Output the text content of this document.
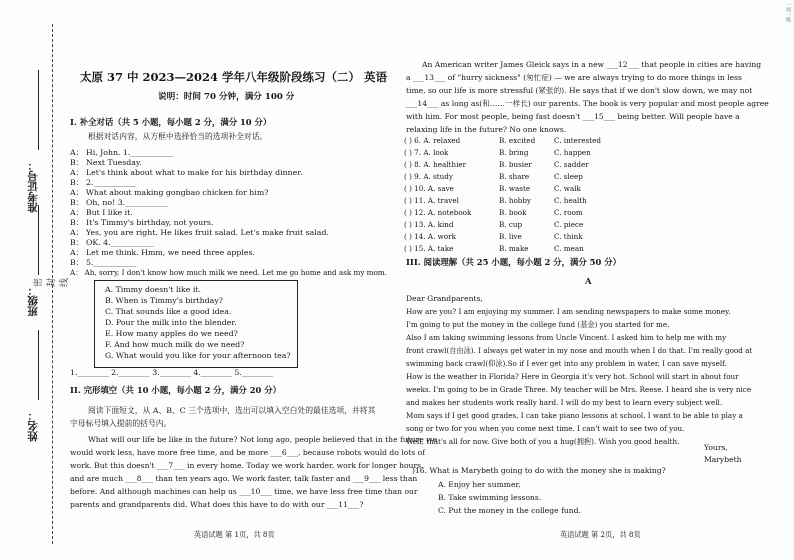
一周一练
准考证号：
班级：
姓名：
密 封 线
太原 37 中 2023—2024 学年八年级阶段练习（二） 英语
说明：时间 70 分钟，满分 100 分
I. 补全对话（共 5 小题，每小题 2 分，满分 10 分）
根据对话内容，从方框中选择恰当的选项补全对话。
A： Hi, John. 1.___________
B： Next Tuesday.
A： Let's think about what to make for his birthday dinner.
B： 2.___________
A： What about making gongbao chicken for him?
B： Oh, no! 3.___________
A： But I like it.
B： It's Timmy's birthday, not yours.
A： Yes, you are right. He likes fruit salad. Let's make fruit salad.
B： OK. 4.___________
A： Let me think. Hmm, we need three apples.
B： 5.___________
A： Ah, sorry, I don't know how much milk we need. Let me go home and ask my mom.
A. Timmy doesn't like it.
B. When is Timmy's birthday?
C. That sounds like a good idea.
D. Pour the milk into the blender.
E. How many apples do we need?
F. And how much milk do we need?
G. What would you like for your afternoon tea?
1.________ 2.________ 3.________ 4.________ 5.________
II. 完形填空（共 10 小题，每小题 2 分，满分 20 分）
阅读下面短文，从 A、B、C 三个选项中，选出可以填入空白处的最佳选项，并将其
字母标号填入提前的括号内。
What will our life be like in the future? Not long ago, people believed that in the future we
would work less, have more free time, and be more ___6___, because robots would do lots of
work. But this doesn't ___7___ in every home. Today we work harder, work for longer hours,
and are much ___8___ than ten years ago. We work faster, talk faster and ___9___ less than
before. And although machines can help us ___10___ time, we have less free time than our
parents and grandparents did. What does this have to do with our ___11___?
英语试题 第 1页，共 8页
An American writer James Gleick says in a new ___12___ that people in cities are having
a ___13___ of "hurry sickness" (匆忙症) — we are always trying to do more things in less
time, so our life is more stressful (紧张的). He says that if we don't slow down, we may not
___14___ as long as(和……一样长) our parents. The book is very popular and most people agree
with him. For most people, being fast doesn't ___15___ being better. Will people have a
relaxing life in the future? No one knows.
( ) 6. A. relaxed	B. excited	C. interested
( ) 7. A. look	B. bring	C. happen
( ) 8. A. healthier	B. busier	C. sadder
( ) 9. A. study	B. share	C. sleep
( ) 10. A. save	B. waste	C. walk
( ) 11. A. travel	B. hobby	C. health
( ) 12. A. notebook	B. book	C. room
( ) 13. A. kind	B. cup	C. piece
( ) 14. A. work	B. live	C. think
( ) 15. A. take	B. make	C. mean
III. 阅读理解（共 25 小题，每小题 2 分，满分 50 分）
A
Dear Grandparents,
How are you? I am enjoying my summer. I am sending newspapers to make some money.
I'm going to put the money in the college fund (基金) you started for me.
Also I am taking swimming lessons from Uncle Vincent. I asked him to help me with my
front crawl(自由泳). I always get water in my nose and mouth when I do that. I'm really good at
swimming back crawl(仰泳).So if I ever get into any problem in water, I can save myself.
How is the weather in Florida? Here in Georgia it's very hot. School will start in about four
weeks. I'm going to be in Grade Three. My teacher will be Mrs. Reese. I heard she is very nice
and makes her students work really hard. I will do my best to learn every subject well.
Mom says if I get good grades, I can take piano lessons at school. I want to be able to play a
song or two for you when you come next time. I can't wait to see two of you.
Well, that's all for now. Give both of you a hug(拥抱). Wish you good health.
Yours,
Marybeth
)16. What is Marybeth going to do with the money she is making?
A. Enjoy her summer.
B. Take swimming lessons.
C. Put the money in the college fund.
英语试题 第 2页，共 8页
